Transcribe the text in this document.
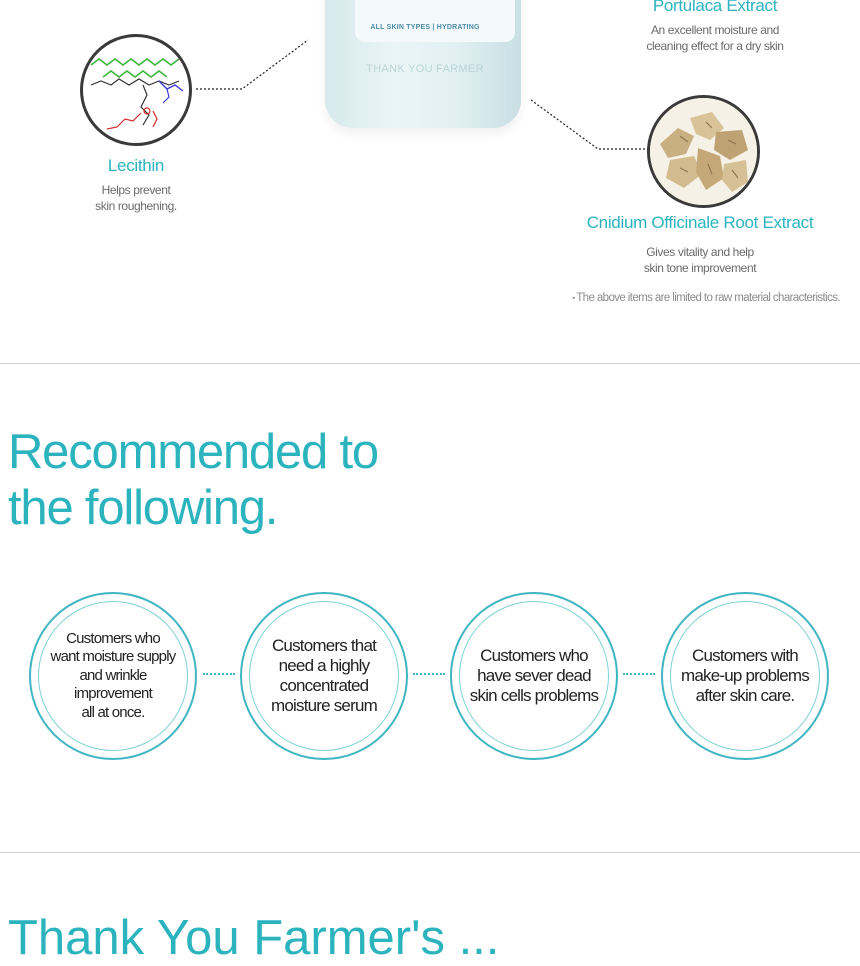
ALL SKIN TYPES | HYDRATING
THANK YOU FARMER
Portulaca Extract
An excellent moisture and
cleaning effect for a dry skin
Lecithin
Helps prevent
skin roughening.
Cnidium Officinale Root Extract
Gives vitality and help
skin tone improvement
• The above items are limited to raw material characteristics.
Recommended to
the following.
Customers who
want moisture supply
and wrinkle
improvement
all at once.
Customers that
need a highly
concentrated
moisture serum
Customers who
have sever dead
skin cells problems
Customers with
make-up problems
after skin care.
Thank You Farmer's ...
